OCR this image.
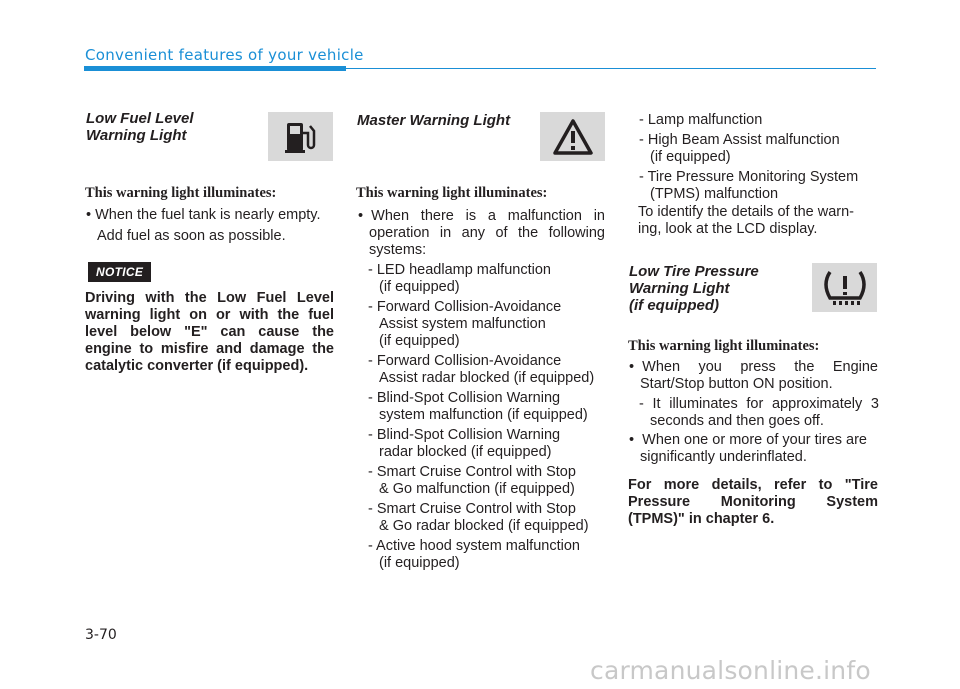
Convenient features of your vehicle
Low Fuel Level
Warning Light
This warning light illuminates:
• When the fuel tank is nearly empty.
Add fuel as soon as possible.
NOTICE
Driving with the Low Fuel Level
warning light on or with the fuel
level below "E" can cause the
engine to misfire and damage the
catalytic converter (if equipped).
Master Warning Light
This warning light illuminates:
• When there is a malfunction in
operation in any of the following
systems:
- LED headlamp malfunction
(if equipped)
- Forward Collision-Avoidance
Assist system malfunction
(if equipped)
- Forward Collision-Avoidance
Assist radar blocked (if equipped)
- Blind-Spot Collision Warning
system malfunction (if equipped)
- Blind-Spot Collision Warning
radar blocked (if equipped)
- Smart Cruise Control with Stop
& Go malfunction (if equipped)
- Smart Cruise Control with Stop
& Go radar blocked (if equipped)
- Active hood system malfunction
(if equipped)
- Lamp malfunction
- High Beam Assist malfunction
(if equipped)
- Tire Pressure Monitoring System
(TPMS) malfunction
To identify the details of the warn-
ing, look at the LCD display.
Low Tire Pressure
Warning Light
(if equipped)
This warning light illuminates:
• When you press the Engine
Start/Stop button ON position.
- It illuminates for approximately 3
seconds and then goes off.
• When one or more of your tires are
significantly underinflated.
For more details, refer to "Tire
Pressure Monitoring System
(TPMS)" in chapter 6.
3-70
carmanualsonline.info
